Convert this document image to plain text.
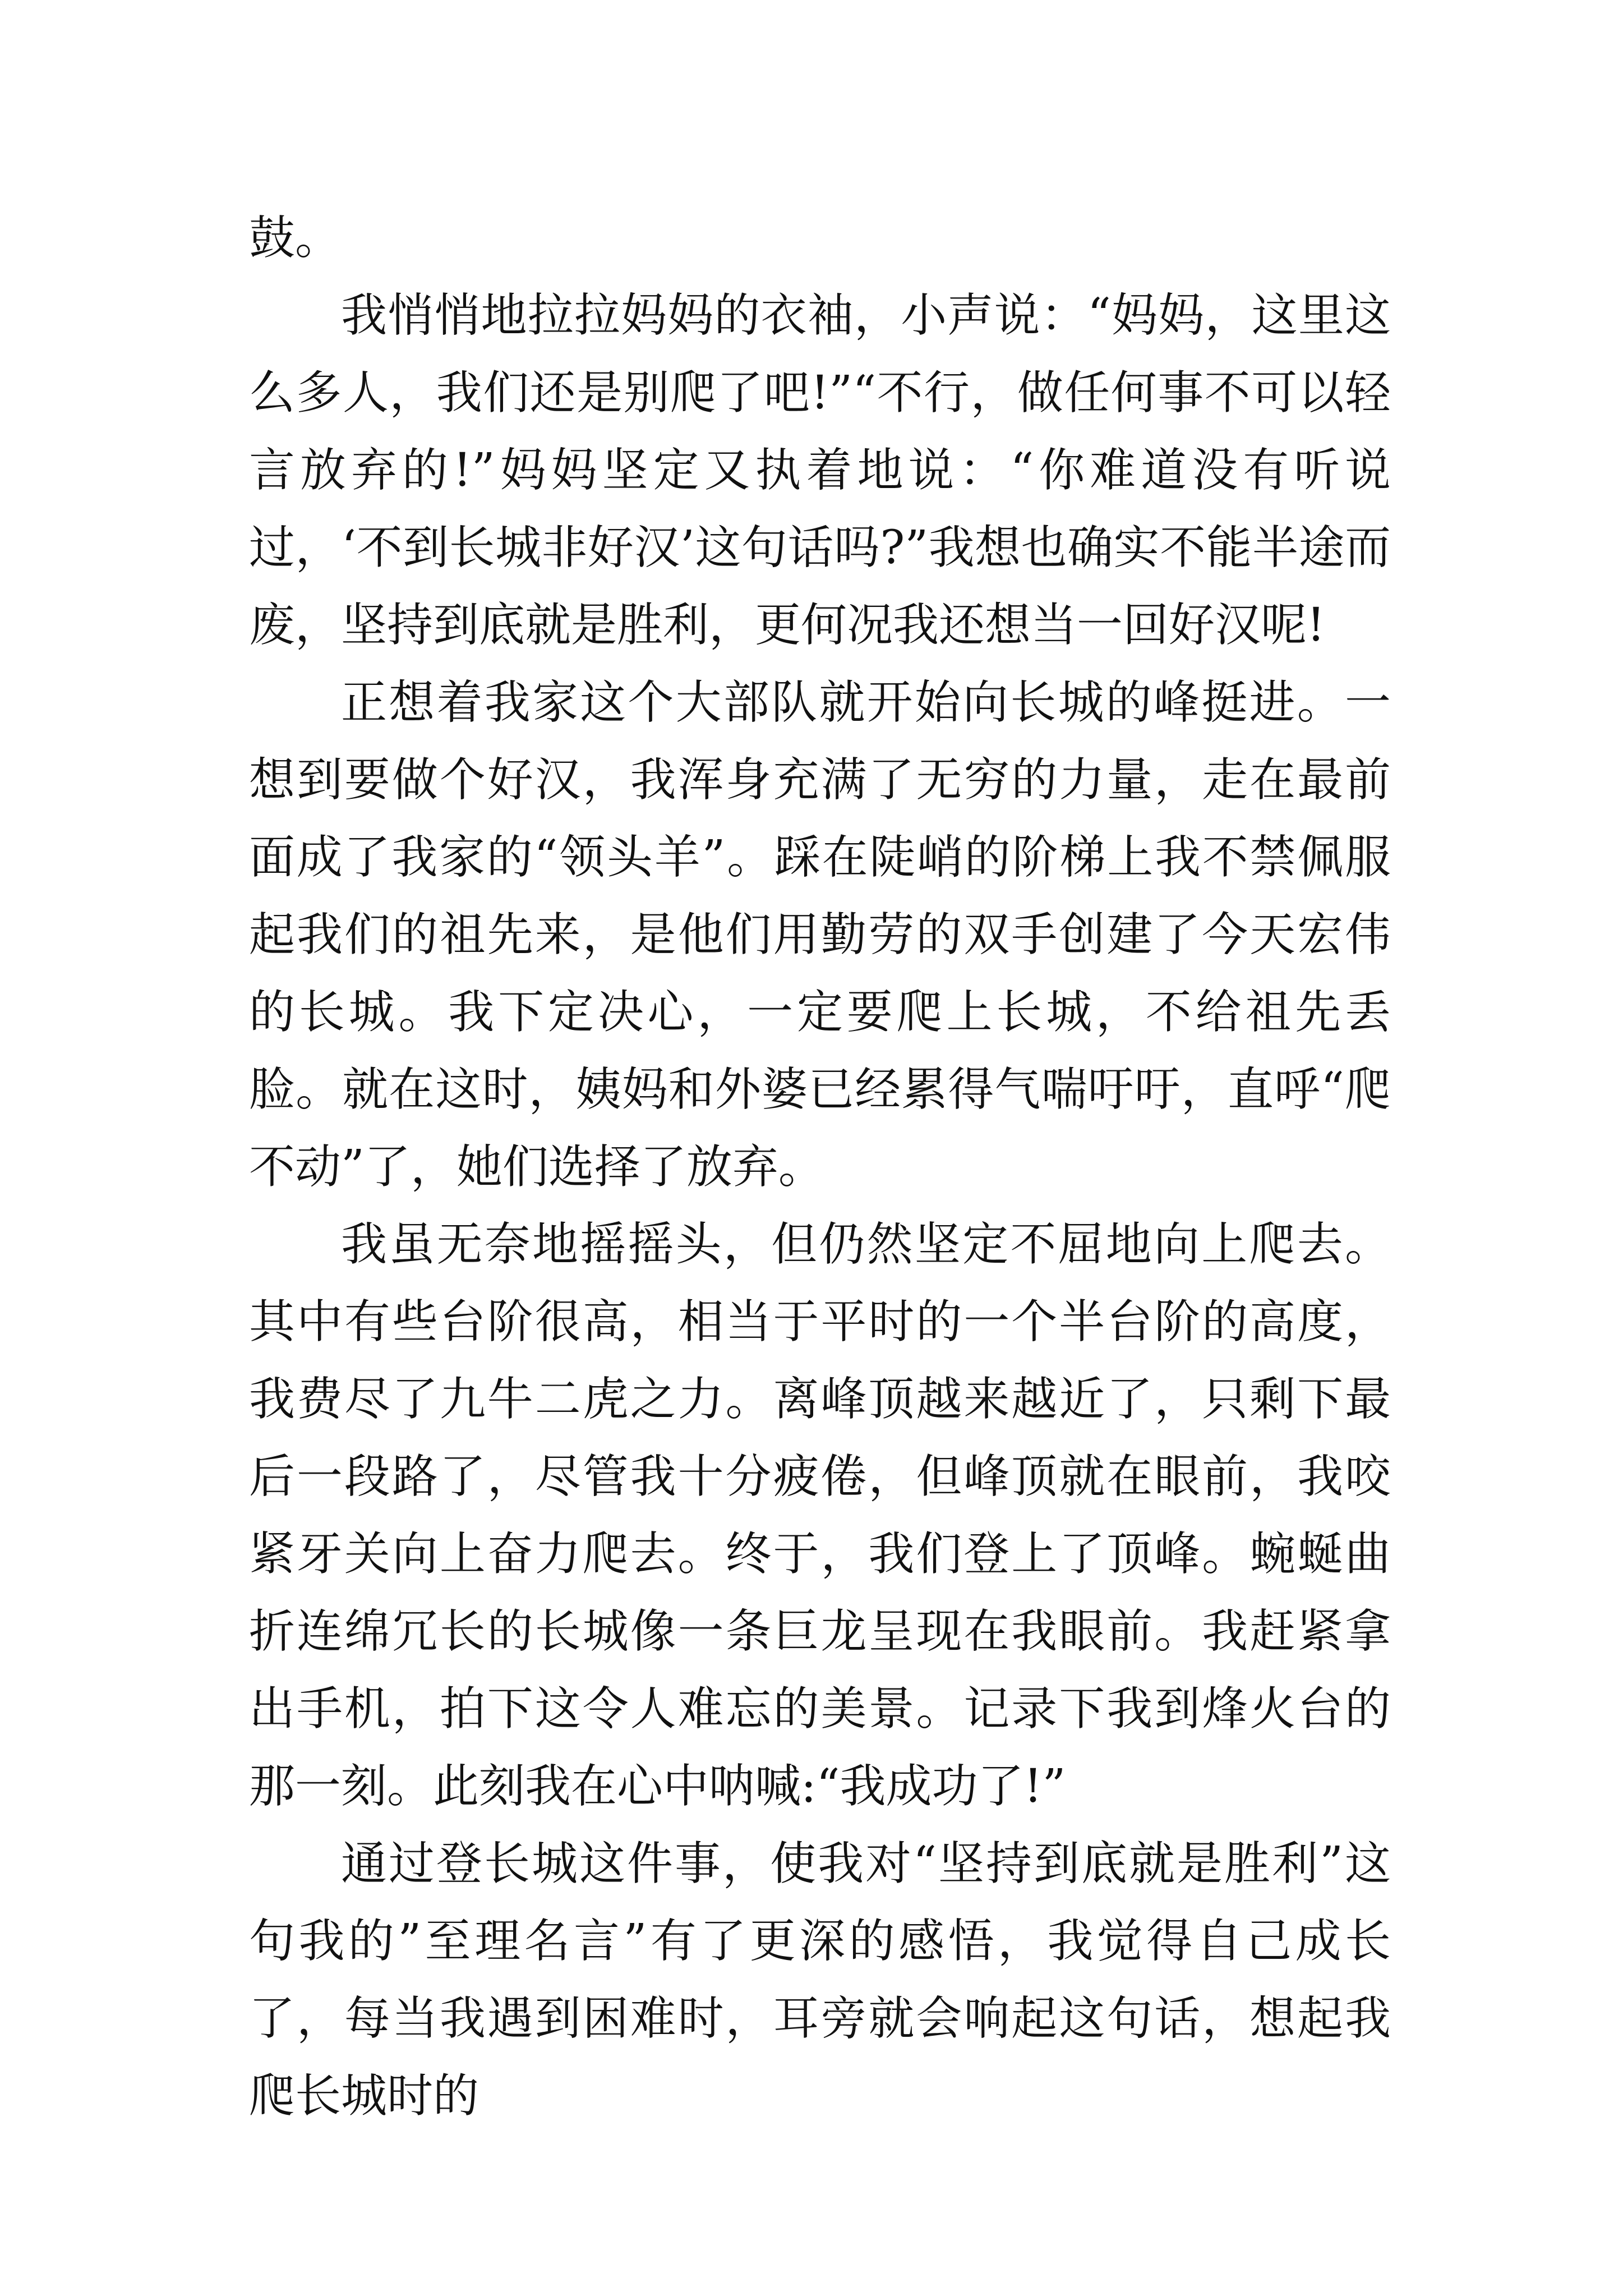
鼓。

我悄悄地拉拉妈妈的衣袖，小声说：“妈妈，这里这么多人，我们还是别爬了吧!”“不行，做任何事不可以轻言放弃的!”妈妈坚定又执着地说：“你难道没有听说过，‘不到长城非好汉’这句话吗?”我想也确实不能半途而废，坚持到底就是胜利，更何况我还想当一回好汉呢!

正想着我家这个大部队就开始向长城的峰挺进。一想到要做个好汉，我浑身充满了无穷的力量，走在最前面成了我家的“领头羊”。踩在陡峭的阶梯上我不禁佩服起我们的祖先来，是他们用勤劳的双手创建了今天宏伟的长城。我下定决心，一定要爬上长城，不给祖先丢脸。就在这时，姨妈和外婆已经累得气喘吁吁，直呼“爬不动”了，她们选择了放弃。

我虽无奈地摇摇头，但仍然坚定不屈地向上爬去。其中有些台阶很高，相当于平时的一个半台阶的高度，我费尽了九牛二虎之力。离峰顶越来越近了，只剩下最后一段路了，尽管我十分疲倦，但峰顶就在眼前，我咬紧牙关向上奋力爬去。终于，我们登上了顶峰。蜿蜒曲折连绵冗长的长城像一条巨龙呈现在我眼前。我赶紧拿出手机，拍下这令人难忘的美景。记录下我到烽火台的那一刻。此刻我在心中呐喊:“我成功了!”

通过登长城这件事，使我对“坚持到底就是胜利”这句我的”至理名言”有了更深的感悟，我觉得自己成长了，每当我遇到困难时，耳旁就会响起这句话，想起我爬长城时的
